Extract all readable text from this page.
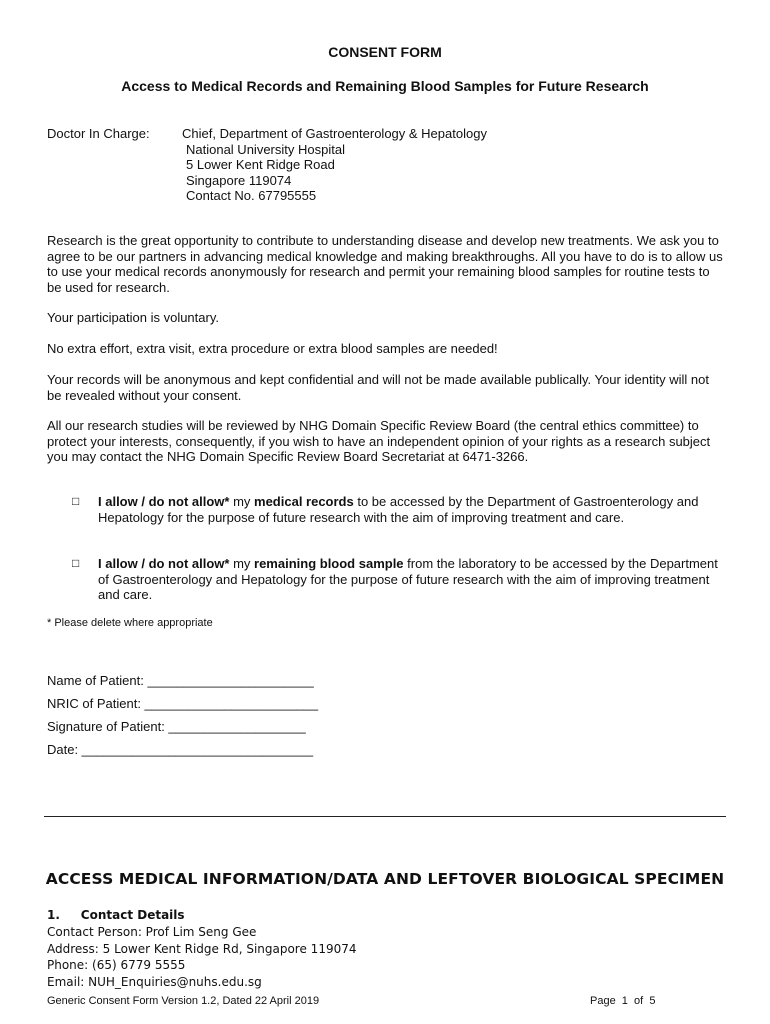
CONSENT FORM
Access to Medical Records and Remaining Blood Samples for Future Research
Doctor In Charge: Chief, Department of Gastroenterology & Hepatology
National University Hospital
5 Lower Kent Ridge Road
Singapore 119074
Contact No. 67795555
Research is the great opportunity to contribute to understanding disease and develop new treatments. We ask you to agree to be our partners in advancing medical knowledge and making breakthroughs. All you have to do is to allow us to use your medical records anonymously for research and permit your remaining blood samples for routine tests to be used for research.
Your participation is voluntary.
No extra effort, extra visit, extra procedure or extra blood samples are needed!
Your records will be anonymous and kept confidential and will not be made available publically. Your identity will not be revealed without your consent.
All our research studies will be reviewed by NHG Domain Specific Review Board (the central ethics committee) to protect your interests, consequently, if you wish to have an independent opinion of your rights as a research subject you may contact the NHG Domain Specific Review Board Secretariat at 6471-3266.
□ I allow / do not allow* my medical records to be accessed by the Department of Gastroenterology and Hepatology for the purpose of future research with the aim of improving treatment and care.
□ I allow / do not allow* my remaining blood sample from the laboratory to be accessed by the Department of Gastroenterology and Hepatology for the purpose of future research with the aim of improving treatment and care.
* Please delete where appropriate
Name of Patient: _______________________
NRIC of Patient: ________________________
Signature of Patient: ___________________
Date: ________________________________
ACCESS MEDICAL INFORMATION/DATA AND LEFTOVER BIOLOGICAL SPECIMEN
1.     Contact Details
Contact Person: Prof Lim Seng Gee
Address: 5 Lower Kent Ridge Rd, Singapore 119074
Phone: (65) 6779 5555
Email: NUH_Enquiries@nuhs.edu.sg
Generic Consent Form Version 1.2, Dated 22 April 2019	Page  1  of  5
